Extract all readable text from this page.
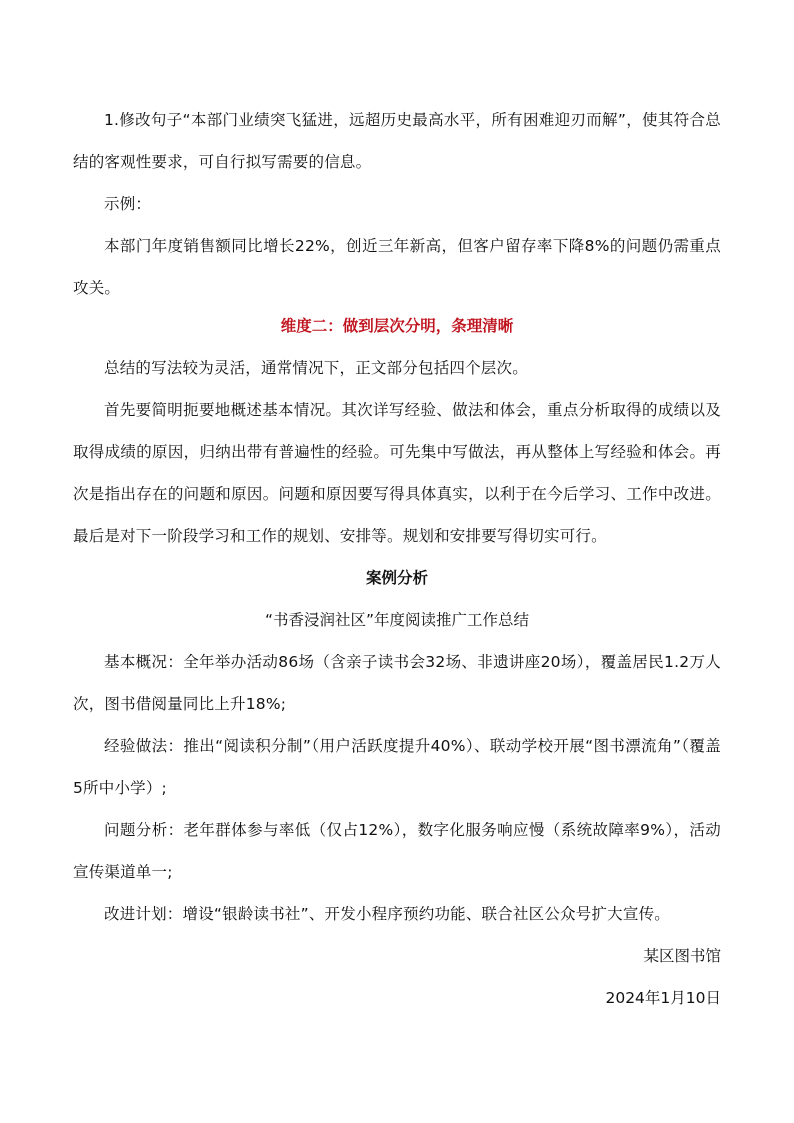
1.修改句子“本部门业绩突飞猛进，远超历史最高水平，所有困难迎刃而解”，使其符合总结的客观性要求，可自行拟写需要的信息。

示例：

本部门年度销售额同比增长22%，创近三年新高，但客户留存率下降8%的问题仍需重点攻关。

维度二：做到层次分明，条理清晰

总结的写法较为灵活，通常情况下，正文部分包括四个层次。

首先要简明扼要地概述基本情况。其次详写经验、做法和体会，重点分析取得的成绩以及取得成绩的原因，归纳出带有普遍性的经验。可先集中写做法，再从整体上写经验和体会。再次是指出存在的问题和原因。问题和原因要写得具体真实，以利于在今后学习、工作中改进。最后是对下一阶段学习和工作的规划、安排等。规划和安排要写得切实可行。

案例分析

“书香浸润社区”年度阅读推广工作总结

基本概况：全年举办活动86场（含亲子读书会32场、非遗讲座20场），覆盖居民1.2万人次，图书借阅量同比上升18%;

经验做法：推出“阅读积分制”（用户活跃度提升40%）、联动学校开展“图书漂流角”（覆盖5所中小学）;

问题分析：老年群体参与率低（仅占12%），数字化服务响应慢（系统故障率9%），活动宣传渠道单一;

改进计划：增设“银龄读书社”、开发小程序预约功能、联合社区公众号扩大宣传。

某区图书馆

2024年1月10日
